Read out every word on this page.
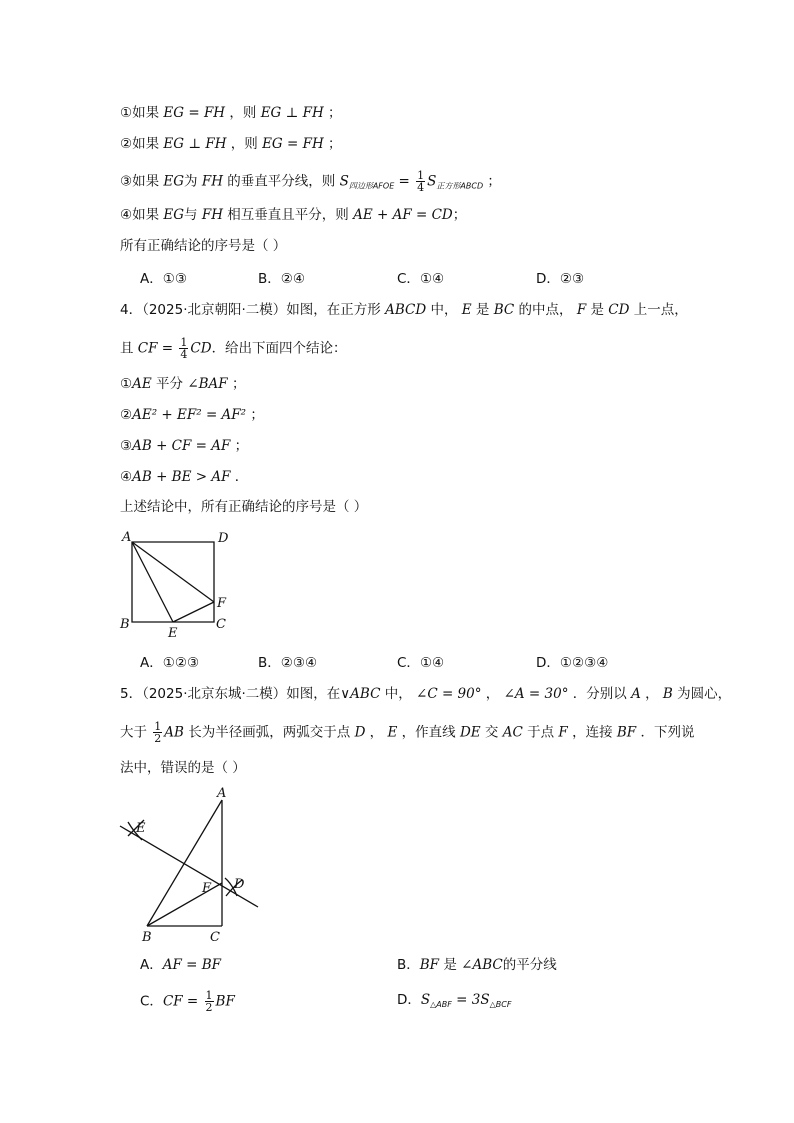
①如果 EG = FH ，则 EG ⊥ FH ；
②如果 EG ⊥ FH ，则 EG = FH ；
③如果 EG为 FH 的垂直平分线，则 $S_{四边形AFOE} = \frac{1}{4} S_{正方形ABCD}$ ；
④如果 EG与 FH 相互垂直且平分，则 AE + AF = CD；
所有正确结论的序号是（ ）
A．①③	B．②④	C．①④	D．②③
4．（2025·北京朝阳·二模）如图，在正方形 ABCD 中， E 是 BC 的中点， F 是 CD 上一点，
且 CF = $\frac{1}{4}$ CD．给出下面四个结论：
①AE 平分 ∠BAF ；
②AE² + EF² = AF² ；
③AB + CF = AF ；
④AB + BE > AF ．
上述结论中，所有正确结论的序号是（ ）
A	D
F
B
E
C
A．①②③	B．②③④	C．①④	D．①②③④
5．（2025·北京东城·二模）如图，在∨ABC 中， ∠C = 90° ， ∠A = 30° ．分别以 A ， B 为圆心，
大于 $\frac{1}{2}$ AB 长为半径画弧，两弧交于点 D ， E ，作直线 DE 交 AC 于点 F ，连接 BF ．下列说
法中，错误的是（ ）
A
E
F D
B	C
A．AF = BF	B．BF 是 ∠ABC的平分线
C．CF = $\frac{1}{2}$ BF	D．$S_{\triangle ABF} = 3S_{\triangle BCF}$
